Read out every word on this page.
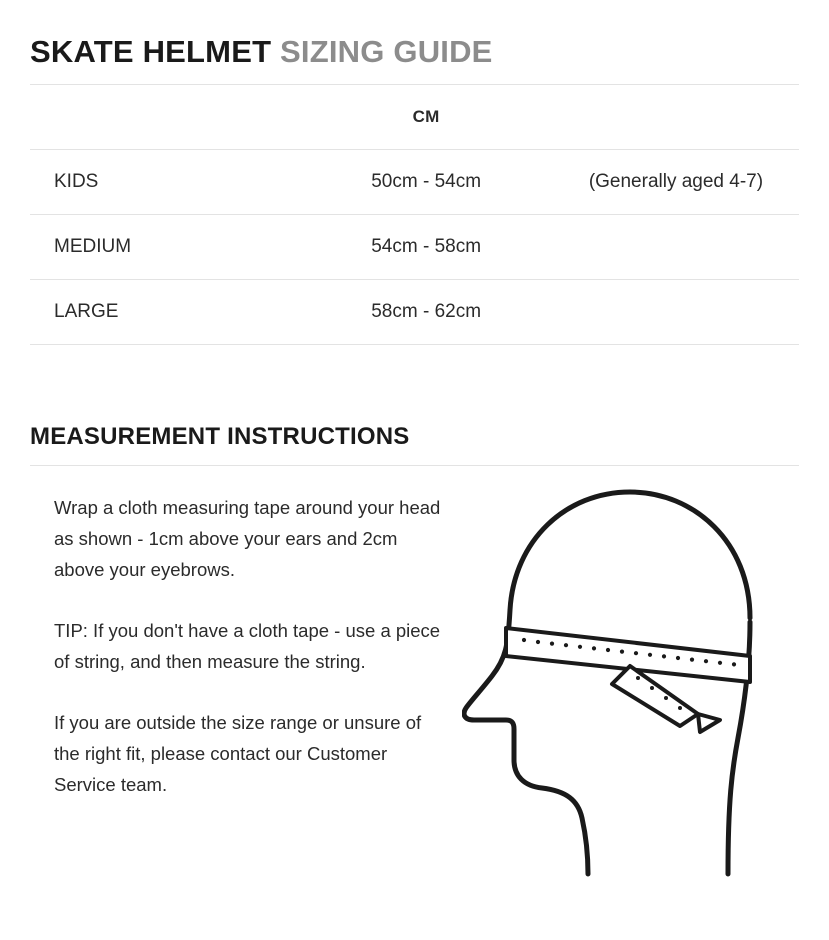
SKATE HELMET SIZING GUIDE
	CM	
KIDS	50cm - 54cm	(Generally aged 4-7)
MEDIUM	54cm - 58cm	
LARGE	58cm - 62cm	
MEASUREMENT INSTRUCTIONS

Wrap a cloth measuring tape around your head as shown - 1cm above your ears and 2cm above your eyebrows.

TIP: If you don't have a cloth tape - use a piece of string, and then measure the string.

If you are outside the size range or unsure of the right fit, please contact our Customer Service team.
